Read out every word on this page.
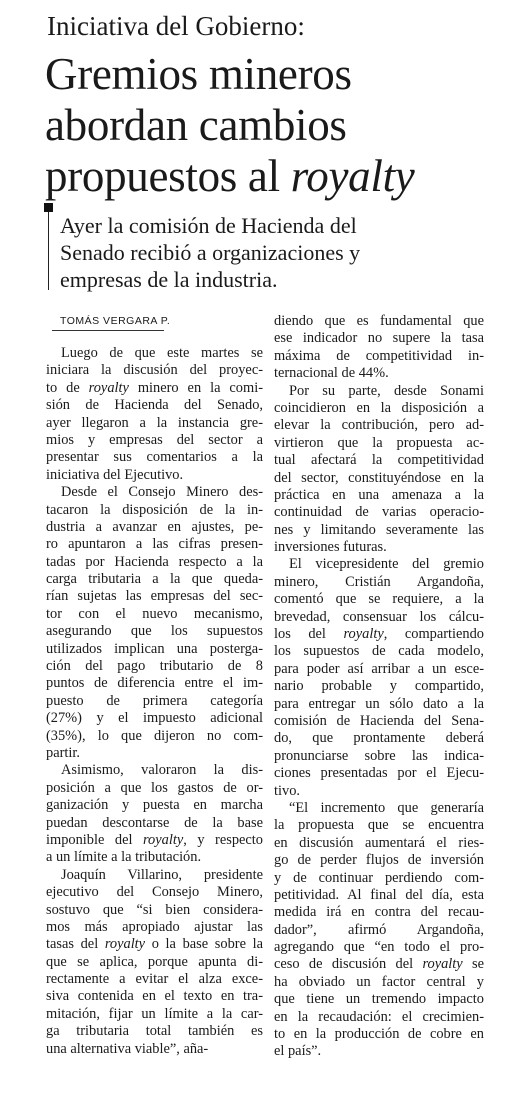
Iniciativa del Gobierno:
Gremios mineros
abordan cambios
propuestos al royalty
Ayer la comisión de Hacienda del
Senado recibió a organizaciones y
empresas de la industria.
TOMÁS VERGARA P.
Luego de que este martes se
iniciara la discusión del proyec-
to de royalty minero en la comi-
sión de Hacienda del Senado,
ayer llegaron a la instancia gre-
mios y empresas del sector a
presentar sus comentarios a la
iniciativa del Ejecutivo.
Desde el Consejo Minero des-
tacaron la disposición de la in-
dustria a avanzar en ajustes, pe-
ro apuntaron a las cifras presen-
tadas por Hacienda respecto a la
carga tributaria a la que queda-
rían sujetas las empresas del sec-
tor con el nuevo mecanismo,
asegurando que los supuestos
utilizados implican una posterga-
ción del pago tributario de 8
puntos de diferencia entre el im-
puesto de primera categoría
(27%) y el impuesto adicional
(35%), lo que dijeron no com-
partir.
Asimismo, valoraron la dis-
posición a que los gastos de or-
ganización y puesta en marcha
puedan descontarse de la base
imponible del royalty, y respecto
a un límite a la tributación.
Joaquín Villarino, presidente
ejecutivo del Consejo Minero,
sostuvo que “si bien considera-
mos más apropiado ajustar las
tasas del royalty o la base sobre la
que se aplica, porque apunta di-
rectamente a evitar el alza exce-
siva contenida en el texto en tra-
mitación, fijar un límite a la car-
ga tributaria total también es
una alternativa viable”, aña-
diendo que es fundamental que
ese indicador no supere la tasa
máxima de competitividad in-
ternacional de 44%.
Por su parte, desde Sonami
coincidieron en la disposición a
elevar la contribución, pero ad-
virtieron que la propuesta ac-
tual afectará la competitividad
del sector, constituyéndose en la
práctica en una amenaza a la
continuidad de varias operacio-
nes y limitando severamente las
inversiones futuras.
El vicepresidente del gremio
minero, Cristián Argandoña,
comentó que se requiere, a la
brevedad, consensuar los cálcu-
los del royalty, compartiendo
los supuestos de cada modelo,
para poder así arribar a un esce-
nario probable y compartido,
para entregar un sólo dato a la
comisión de Hacienda del Sena-
do, que prontamente deberá
pronunciarse sobre las indica-
ciones presentadas por el Ejecu-
tivo.
“El incremento que generaría
la propuesta que se encuentra
en discusión aumentará el ries-
go de perder flujos de inversión
y de continuar perdiendo com-
petitividad. Al final del día, esta
medida irá en contra del recau-
dador”, afirmó Argandoña,
agregando que “en todo el pro-
ceso de discusión del royalty se
ha obviado un factor central y
que tiene un tremendo impacto
en la recaudación: el crecimien-
to en la producción de cobre en
el país”.
